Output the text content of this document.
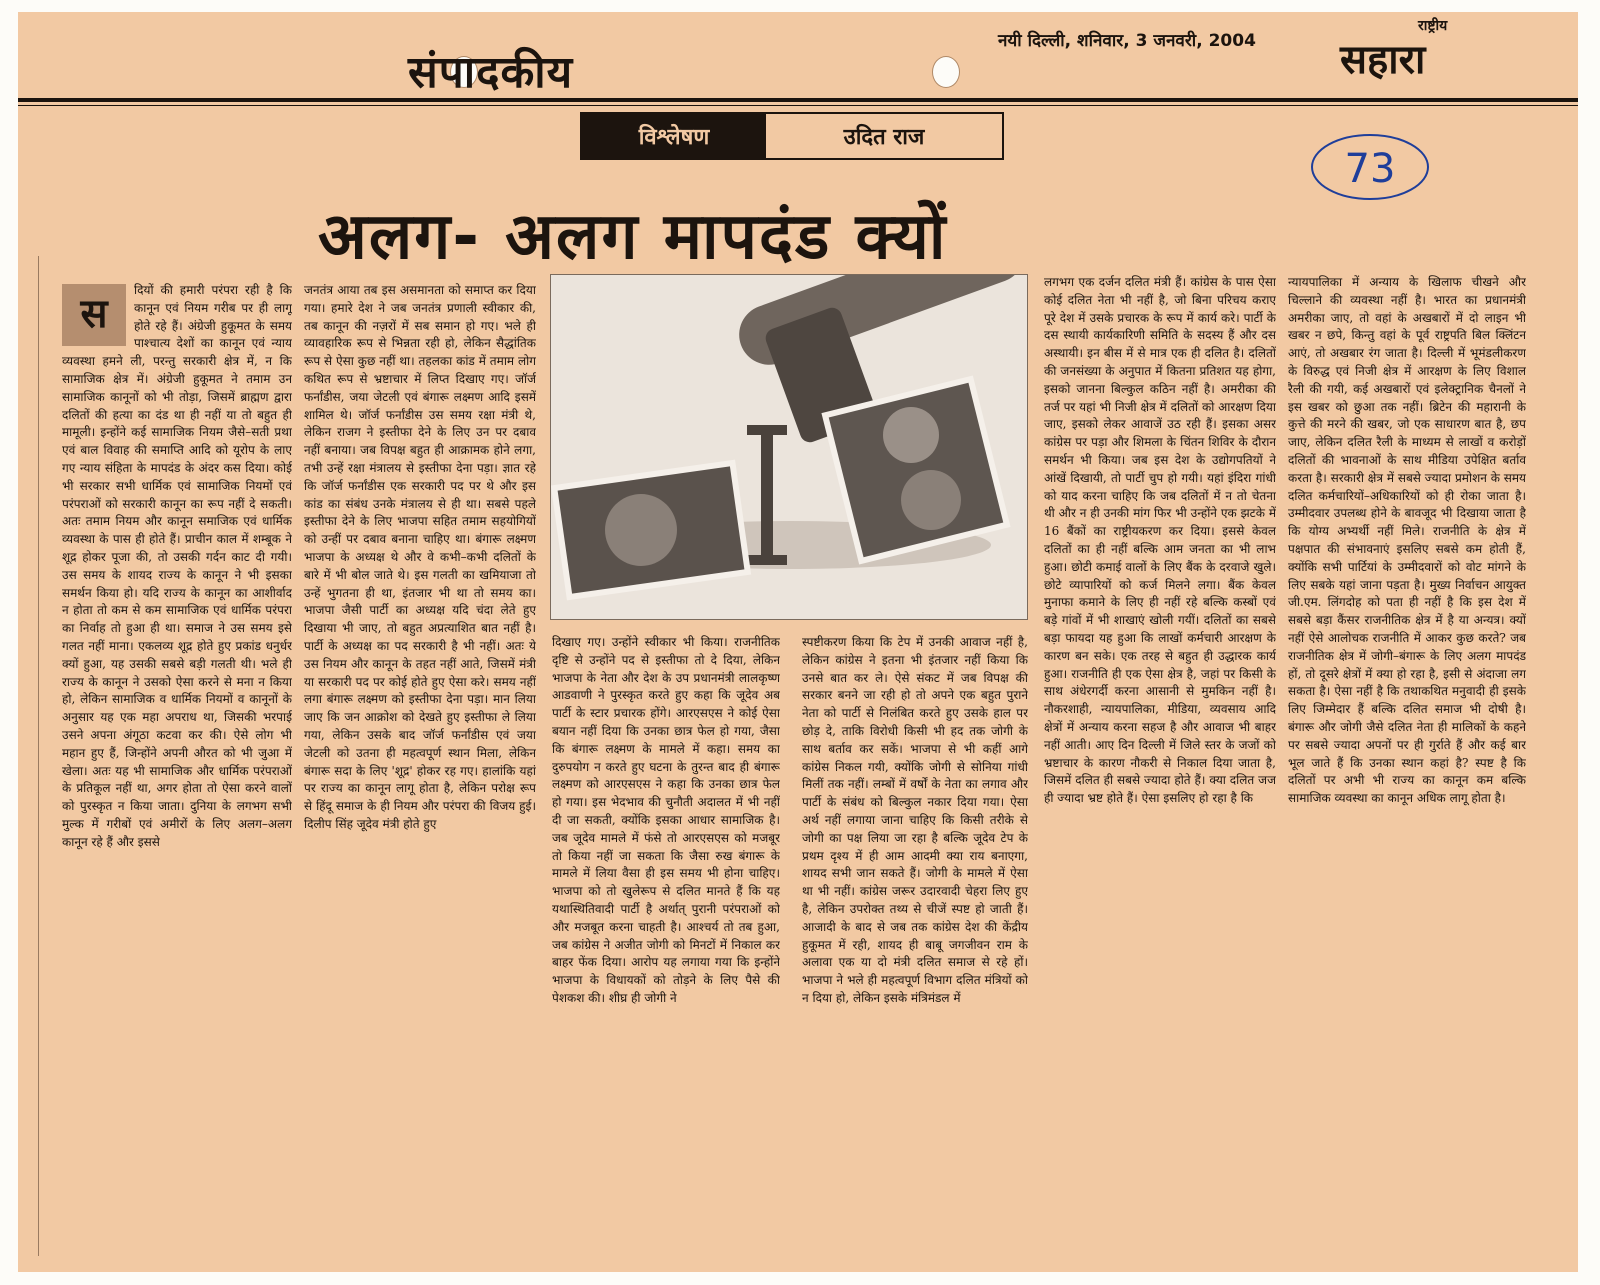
संपादकीय
नयी दिल्ली, शनिवार, 3 जनवरी, 2004
राष्ट्रीय
सहारा
विश्लेषण	उदित राज
73
अलग- अलग मापदंड क्यों
स
दियों की हमारी परंपरा रही है कि कानून एवं नियम गरीब पर ही लागू होते रहे हैं। अंग्रेजी हुकूमत के समय पाश्चात्य देशों का कानून एवं न्याय व्यवस्था हमने ली, परन्तु सरकारी क्षेत्र में, न कि सामाजिक क्षेत्र में। अंग्रेजी हुकूमत ने तमाम उन सामाजिक कानूनों को भी तोड़ा, जिसमें ब्राह्मण द्वारा दलितों की हत्या का दंड था ही नहीं या तो बहुत ही मामूली। इन्होंने कई सामाजिक नियम जैसे–सती प्रथा एवं बाल विवाह की समाप्ति आदि को यूरोप के लाए गए न्याय संहिता के मापदंड के अंदर कस दिया। कोई भी सरकार सभी धार्मिक एवं सामाजिक नियमों एवं परंपराओं को सरकारी कानून का रूप नहीं दे सकती। अतः तमाम नियम और कानून समाजिक एवं धार्मिक व्यवस्था के पास ही होते हैं। प्राचीन काल में शम्बूक ने शूद्र होकर पूजा की, तो उसकी गर्दन काट दी गयी। उस समय के शायद राज्य के कानून ने भी इसका समर्थन किया हो। यदि राज्य के कानून का आशीर्वाद न होता तो कम से कम सामाजिक एवं धार्मिक परंपरा का निर्वाह तो हुआ ही था। समाज ने उस समय इसे गलत नहीं माना। एकलव्य शूद्र होते हुए प्रकांड धनुर्धर क्यों हुआ, यह उसकी सबसे बड़ी गलती थी। भले ही राज्य के कानून ने उसको ऐसा करने से मना न किया हो, लेकिन सामाजिक व धार्मिक नियमों व कानूनों के अनुसार यह एक महा अपराध था, जिसकी भरपाई उसने अपना अंगूठा कटवा कर की। ऐसे लोग भी महान हुए हैं, जिन्होंने अपनी औरत को भी जुआ में खेला। अतः यह भी सामाजिक और धार्मिक परंपराओं के प्रतिकूल नहीं था, अगर होता तो ऐसा करने वालों को पुरस्कृत न किया जाता। दुनिया के लगभग सभी मुल्क में गरीबों एवं अमीरों के लिए अलग–अलग कानून रहे हैं और इससे
जनतंत्र आया तब इस असमानता को समाप्त कर दिया गया। हमारे देश ने जब जनतंत्र प्रणाली स्वीकार की, तब कानून की नज़रों में सब समान हो गए। भले ही व्यावहारिक रूप से भिन्नता रही हो, लेकिन सैद्धांतिक रूप से ऐसा कुछ नहीं था। तहलका कांड में तमाम लोग कथित रूप से भ्रष्टाचार में लिप्त दिखाए गए। जॉर्ज फर्नांडीस, जया जेटली एवं बंगारू लक्ष्मण आदि इसमें शामिल थे। जॉर्ज फर्नांडीस उस समय रक्षा मंत्री थे, लेकिन राजग ने इस्तीफा देने के लिए उन पर दबाव नहीं बनाया। जब विपक्ष बहुत ही आक्रामक होने लगा, तभी उन्हें रक्षा मंत्रालय से इस्तीफा देना पड़ा। ज्ञात रहे कि जॉर्ज फर्नांडीस एक सरकारी पद पर थे और इस कांड का संबंध उनके मंत्रालय से ही था। सबसे पहले इस्तीफा देने के लिए भाजपा सहित तमाम सहयोगियों को उन्हीं पर दबाव बनाना चाहिए था। बंगारू लक्ष्मण भाजपा के अध्यक्ष थे और वे कभी–कभी दलितों के बारे में भी बोल जाते थे। इस गलती का खमियाजा तो उन्हें भुगतना ही था, इंतजार भी था तो समय का। भाजपा जैसी पार्टी का अध्यक्ष यदि चंदा लेते हुए दिखाया भी जाए, तो बहुत अप्रत्याशित बात नहीं है। पार्टी के अध्यक्ष का पद सरकारी है भी नहीं। अतः ये उस नियम और कानून के तहत नहीं आते, जिसमें मंत्री या सरकारी पद पर कोई होते हुए ऐसा करे। समय नहीं लगा बंगारू लक्ष्मण को इस्तीफा देना पड़ा। मान लिया जाए कि जन आक्रोश को देखते हुए इस्तीफा ले लिया गया, लेकिन उसके बाद जॉर्ज फर्नांडीस एवं जया जेटली को उतना ही महत्वपूर्ण स्थान मिला, लेकिन बंगारू सदा के लिए 'शूद्र' होकर रह गए। हालांकि यहां पर राज्य का कानून लागू होता है, लेकिन परोक्ष रूप से हिंदू समाज के ही नियम और परंपरा की विजय हुई। दिलीप सिंह जूदेव मंत्री होते हुए
दिखाए गए। उन्होंने स्वीकार भी किया। राजनीतिक दृष्टि से उन्होंने पद से इस्तीफा तो दे दिया, लेकिन भाजपा के नेता और देश के उप प्रधानमंत्री लालकृष्ण आडवाणी ने पुरस्कृत करते हुए कहा कि जूदेव अब पार्टी के स्टार प्रचारक होंगे। आरएसएस ने कोई ऐसा बयान नहीं दिया कि उनका छात्र फेल हो गया, जैसा कि बंगारू लक्ष्मण के मामले में कहा। समय का दुरुपयोग न करते हुए घटना के तुरन्त बाद ही बंगारू लक्ष्मण को आरएसएस ने कहा कि उनका छात्र फेल हो गया। इस भेदभाव की चुनौती अदालत में भी नहीं दी जा सकती, क्योंकि इसका आधार सामाजिक है। जब जूदेव मामले में फंसे तो आरएसएस को मजबूर तो किया नहीं जा सकता कि जैसा रुख बंगारू के मामले में लिया वैसा ही इस समय भी होना चाहिए। भाजपा को तो खुलेरूप से दलित मानते हैं कि यह यथास्थितिवादी पार्टी है अर्थात् पुरानी परंपराओं को और मजबूत करना चाहती है। आश्चर्य तो तब हुआ, जब कांग्रेस ने अजीत जोगी को मिनटों में निकाल कर बाहर फेंक दिया। आरोप यह लगाया गया कि इन्होंने भाजपा के विधायकों को तोड़ने के लिए पैसे की पेशकश की। शीघ्र ही जोगी ने
स्पष्टीकरण किया कि टेप में उनकी आवाज नहीं है, लेकिन कांग्रेस ने इतना भी इंतजार नहीं किया कि उनसे बात कर ले। ऐसे संकट में जब विपक्ष की सरकार बनने जा रही हो तो अपने एक बहुत पुराने नेता को पार्टी से निलंबित करते हुए उसके हाल पर छोड़ दे, ताकि विरोधी किसी भी हद तक जोगी के साथ बर्ताव कर सकें। भाजपा से भी कहीं आगे कांग्रेस निकल गयी, क्योंकि जोगी से सोनिया गांधी मिलीं तक नहीं। लम्बों में वर्षों के नेता का लगाव और पार्टी के संबंध को बिल्कुल नकार दिया गया। ऐसा अर्थ नहीं लगाया जाना चाहिए कि किसी तरीके से जोगी का पक्ष लिया जा रहा है बल्कि जूदेव टेप के प्रथम दृश्य में ही आम आदमी क्या राय बनाएगा, शायद सभी जान सकते हैं। जोगी के मामले में ऐसा था भी नहीं। कांग्रेस जरूर उदारवादी चेहरा लिए हुए है, लेकिन उपरोक्त तथ्य से चीजें स्पष्ट हो जाती हैं। आजादी के बाद से जब तक कांग्रेस देश की केंद्रीय हुकूमत में रही, शायद ही बाबू जगजीवन राम के अलावा एक या दो मंत्री दलित समाज से रहे हों। भाजपा ने भले ही महत्वपूर्ण विभाग दलित मंत्रियों को न दिया हो, लेकिन इसके मंत्रिमंडल में
लगभग एक दर्जन दलित मंत्री हैं। कांग्रेस के पास ऐसा कोई दलित नेता भी नहीं है, जो बिना परिचय कराए पूरे देश में उसके प्रचारक के रूप में कार्य करे। पार्टी के दस स्थायी कार्यकारिणी समिति के सदस्य हैं और दस अस्थायी। इन बीस में से मात्र एक ही दलित है। दलितों की जनसंख्या के अनुपात में कितना प्रतिशत यह होगा, इसको जानना बिल्कुल कठिन नहीं है। अमरीका की तर्ज पर यहां भी निजी क्षेत्र में दलितों को आरक्षण दिया जाए, इसको लेकर आवाजें उठ रही हैं। इसका असर कांग्रेस पर पड़ा और शिमला के चिंतन शिविर के दौरान समर्थन भी किया। जब इस देश के उद्योगपतियों ने आंखें दिखायी, तो पार्टी चुप हो गयी। यहां इंदिरा गांधी को याद करना चाहिए कि जब दलितों में न तो चेतना थी और न ही उनकी मांग फिर भी उन्होंने एक झटके में 16 बैंकों का राष्ट्रीयकरण कर दिया। इससे केवल दलितों का ही नहीं बल्कि आम जनता का भी लाभ हुआ। छोटी कमाई वालों के लिए बैंक के दरवाजे खुले। छोटे व्यापारियों को कर्ज मिलने लगा। बैंक केवल मुनाफा कमाने के लिए ही नहीं रहे बल्कि कस्बों एवं बड़े गांवों में भी शाखाएं खोली गयीं। दलितों का सबसे बड़ा फायदा यह हुआ कि लाखों कर्मचारी आरक्षण के कारण बन सके। एक तरह से बहुत ही उद्धारक कार्य हुआ। राजनीति ही एक ऐसा क्षेत्र है, जहां पर किसी के साथ अंधेरगर्दी करना आसानी से मुमकिन नहीं है। नौकरशाही, न्यायपालिका, मीडिया, व्यवसाय आदि क्षेत्रों में अन्याय करना सहज है और आवाज भी बाहर नहीं आती। आए दिन दिल्ली में जिले स्तर के जजों को भ्रष्टाचार के कारण नौकरी से निकाल दिया जाता है, जिसमें दलित ही सबसे ज्यादा होते हैं। क्या दलित जज ही ज्यादा भ्रष्ट होते हैं। ऐसा इसलिए हो रहा है कि
न्यायपालिका में अन्याय के खिलाफ चीखने और चिल्लाने की व्यवस्था नहीं है। भारत का प्रधानमंत्री अमरीका जाए, तो वहां के अखबारों में दो लाइन भी खबर न छपे, किन्तु वहां के पूर्व राष्ट्रपति बिल क्लिंटन आएं, तो अखबार रंग जाता है। दिल्ली में भूमंडलीकरण के विरुद्ध एवं निजी क्षेत्र में आरक्षण के लिए विशाल रैली की गयी, कई अखबारों एवं इलेक्ट्रानिक चैनलों ने इस खबर को छुआ तक नहीं। ब्रिटेन की महारानी के कुत्ते की मरने की खबर, जो एक साधारण बात है, छप जाए, लेकिन दलित रैली के माध्यम से लाखों व करोड़ों दलितों की भावनाओं के साथ मीडिया उपेक्षित बर्ताव करता है। सरकारी क्षेत्र में सबसे ज्यादा प्रमोशन के समय दलित कर्मचारियों–अधिकारियों को ही रोका जाता है। उम्मीदवार उपलब्ध होने के बावजूद भी दिखाया जाता है कि योग्य अभ्यर्थी नहीं मिले। राजनीति के क्षेत्र में पक्षपात की संभावनाएं इसलिए सबसे कम होती हैं, क्योंकि सभी पार्टियां के उम्मीदवारों को वोट मांगने के लिए सबके यहां जाना पड़ता है। मुख्य निर्वाचन आयुक्त जी.एम. लिंगदोह को पता ही नहीं है कि इस देश में सबसे बड़ा कैंसर राजनीतिक क्षेत्र में है या अन्यत्र। क्यों नहीं ऐसे आलोचक राजनीति में आकर कुछ करते? जब राजनीतिक क्षेत्र में जोगी–बंगारू के लिए अलग मापदंड हों, तो दूसरे क्षेत्रों में क्या हो रहा है, इसी से अंदाजा लग सकता है। ऐसा नहीं है कि तथाकथित मनुवादी ही इसके लिए जिम्मेदार हैं बल्कि दलित समाज भी दोषी है। बंगारू और जोगी जैसे दलित नेता ही मालिकों के कहने पर सबसे ज्यादा अपनों पर ही गुर्राते हैं और कई बार भूल जाते हैं कि उनका स्थान कहां है? स्पष्ट है कि दलितों पर अभी भी राज्य का कानून कम बल्कि सामाजिक व्यवस्था का कानून अधिक लागू होता है।
